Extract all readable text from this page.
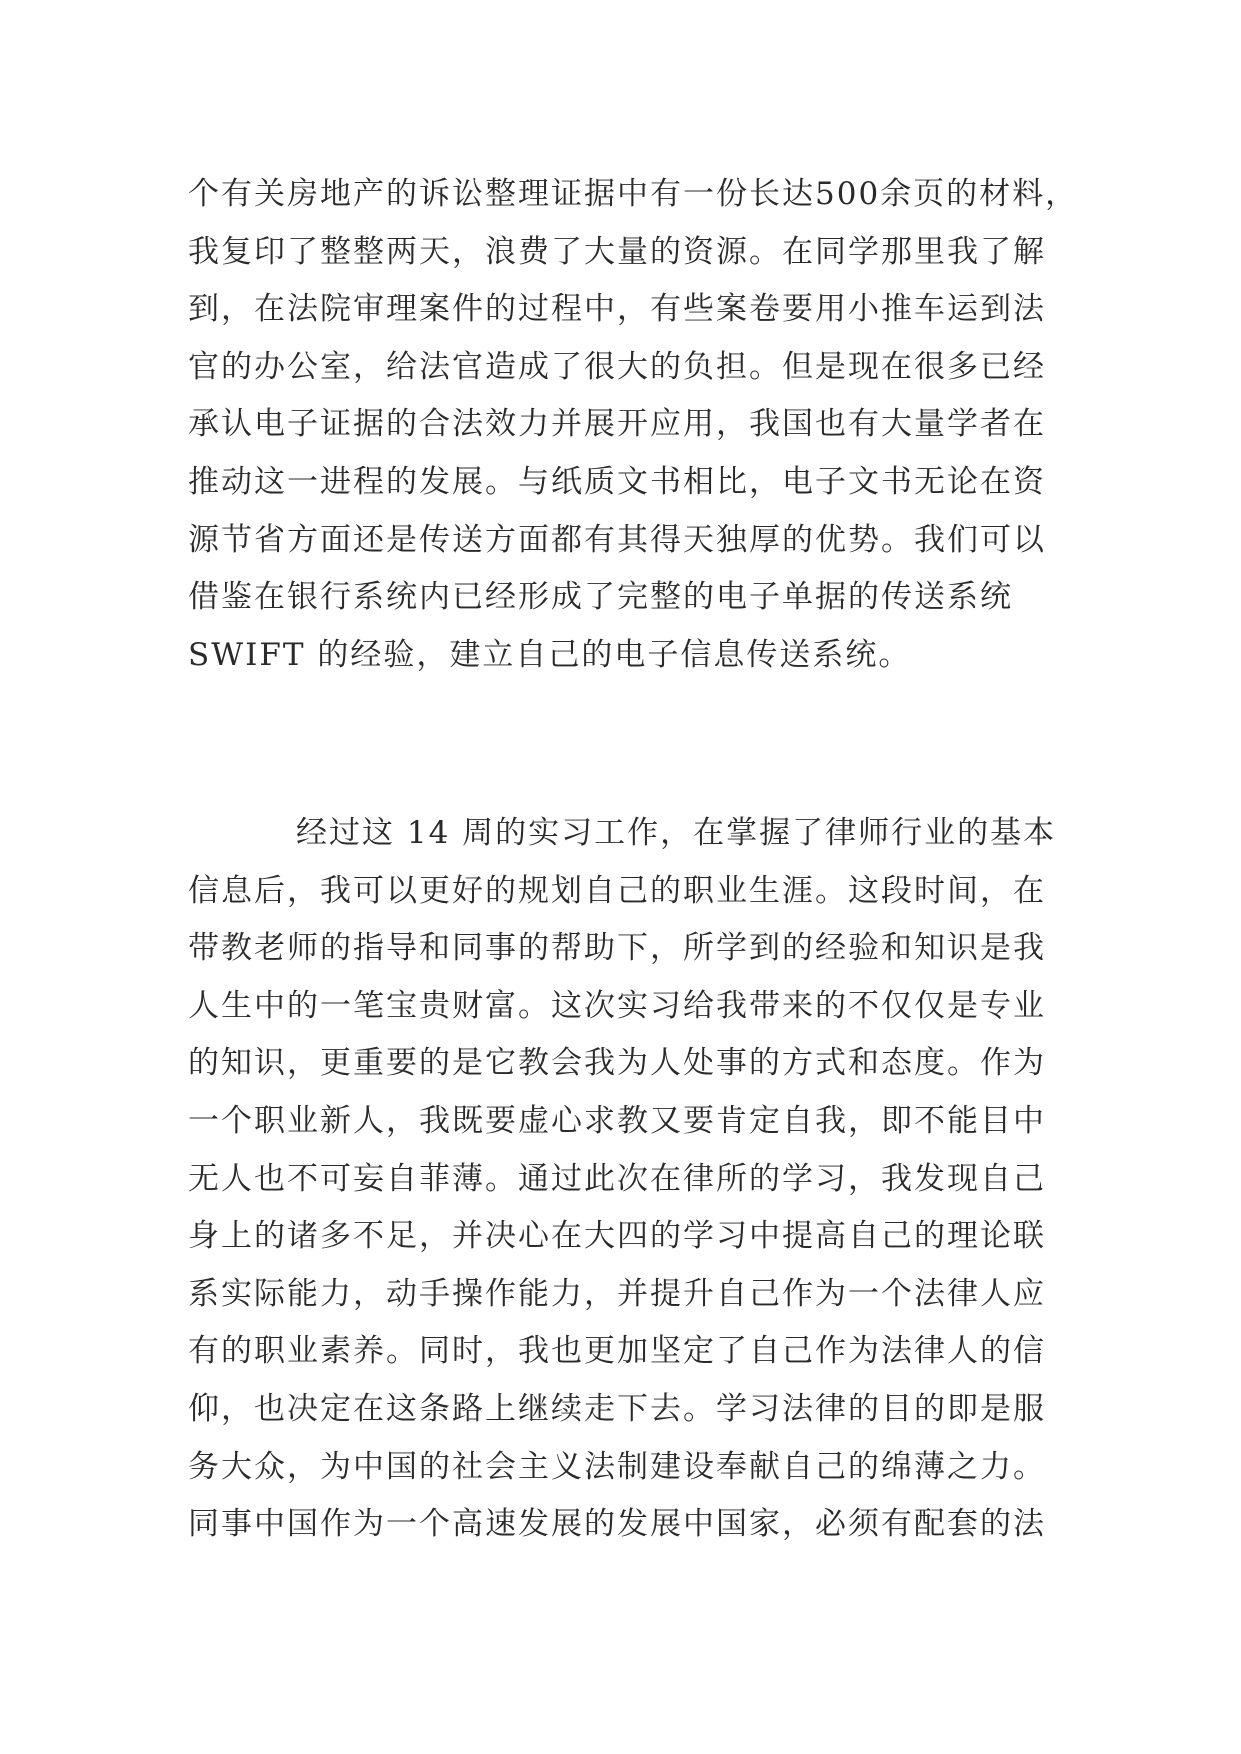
个有关房地产的诉讼整理证据中有一份长达500余页的材料，
我复印了整整两天，浪费了大量的资源。在同学那里我了解
到，在法院审理案件的过程中，有些案卷要用小推车运到法
官的办公室，给法官造成了很大的负担。但是现在很多已经
承认电子证据的合法效力并展开应用，我国也有大量学者在
推动这一进程的发展。与纸质文书相比，电子文书无论在资
源节省方面还是传送方面都有其得天独厚的优势。我们可以
借鉴在银行系统内已经形成了完整的电子单据的传送系统
SWIFT 的经验，建立自己的电子信息传送系统。
经过这 14 周的实习工作，在掌握了律师行业的基本
信息后，我可以更好的规划自己的职业生涯。这段时间，在
带教老师的指导和同事的帮助下，所学到的经验和知识是我
人生中的一笔宝贵财富。这次实习给我带来的不仅仅是专业
的知识，更重要的是它教会我为人处事的方式和态度。作为
一个职业新人，我既要虚心求教又要肯定自我，即不能目中
无人也不可妄自菲薄。通过此次在律所的学习，我发现自己
身上的诸多不足，并决心在大四的学习中提高自己的理论联
系实际能力，动手操作能力，并提升自己作为一个法律人应
有的职业素养。同时，我也更加坚定了自己作为法律人的信
仰，也决定在这条路上继续走下去。学习法律的目的即是服
务大众，为中国的社会主义法制建设奉献自己的绵薄之力。
同事中国作为一个高速发展的发展中国家，必须有配套的法
